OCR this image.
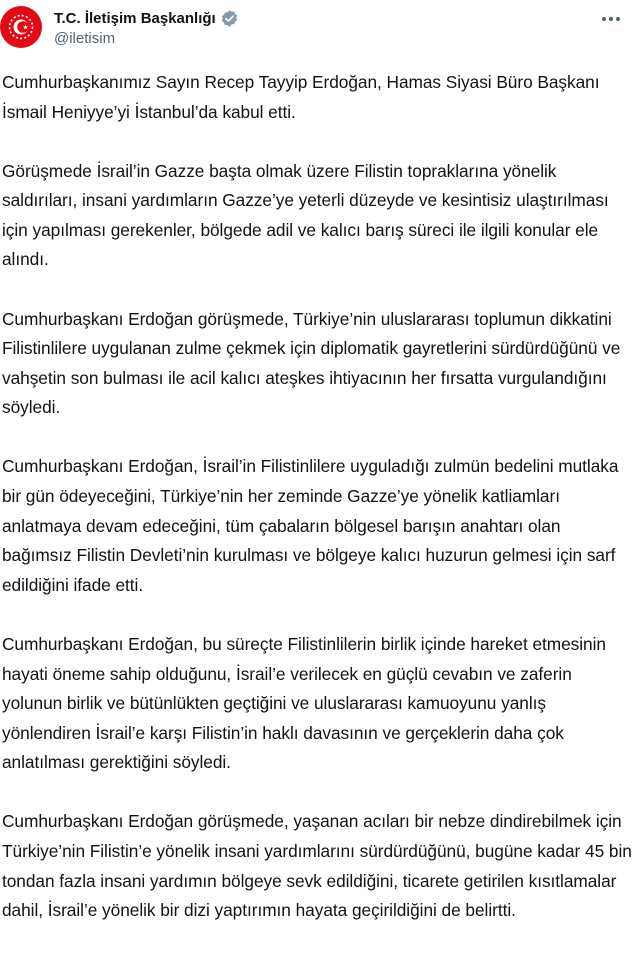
T.C. İletişim Başkanlığı
@iletisim

Cumhurbaşkanımız Sayın Recep Tayyip Erdoğan, Hamas Siyasi Büro Başkanı İsmail Heniyye’yi İstanbul’da kabul etti.

Görüşmede İsrail’in Gazze başta olmak üzere Filistin topraklarına yönelik saldırıları, insani yardımların Gazze’ye yeterli düzeyde ve kesintisiz ulaştırılması için yapılması gerekenler, bölgede adil ve kalıcı barış süreci ile ilgili konular ele alındı.

Cumhurbaşkanı Erdoğan görüşmede, Türkiye’nin uluslararası toplumun dikkatini Filistinlilere uygulanan zulme çekmek için diplomatik gayretlerini sürdürdüğünü ve vahşetin son bulması ile acil kalıcı ateşkes ihtiyacının her fırsatta vurgulandığını söyledi.

Cumhurbaşkanı Erdoğan, İsrail’in Filistinlilere uyguladığı zulmün bedelini mutlaka bir gün ödeyeceğini, Türkiye’nin her zeminde Gazze’ye yönelik katliamları anlatmaya devam edeceğini, tüm çabaların bölgesel barışın anahtarı olan bağımsız Filistin Devleti’nin kurulması ve bölgeye kalıcı huzurun gelmesi için sarf edildiğini ifade etti.

Cumhurbaşkanı Erdoğan, bu süreçte Filistinlilerin birlik içinde hareket etmesinin hayati öneme sahip olduğunu, İsrail’e verilecek en güçlü cevabın ve zaferin yolunun birlik ve bütünlükten geçtiğini ve uluslararası kamuoyunu yanlış yönlendiren İsrail’e karşı Filistin’in haklı davasının ve gerçeklerin daha çok anlatılması gerektiğini söyledi.

Cumhurbaşkanı Erdoğan görüşmede, yaşanan acıları bir nebze dindirebilmek için Türkiye’nin Filistin’e yönelik insani yardımlarını sürdürdüğünü, bugüne kadar 45 bin tondan fazla insani yardımın bölgeye sevk edildiğini, ticarete getirilen kısıtlamalar dahil, İsrail’e yönelik bir dizi yaptırımın hayata geçirildiğini de belirtti.
